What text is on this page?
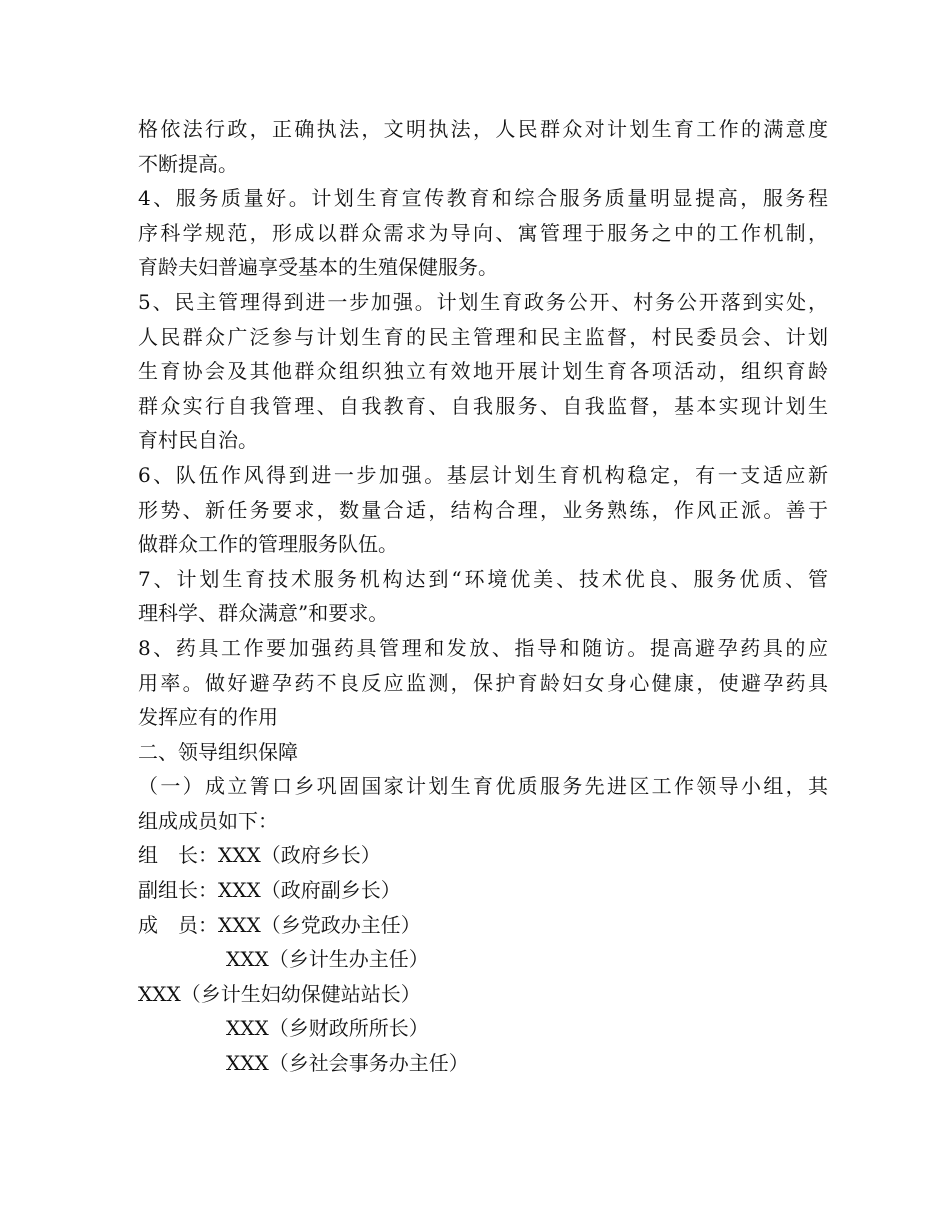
格依法行政，正确执法，文明执法，人民群众对计划生育工作的满意度
不断提高。
4、服务质量好。计划生育宣传教育和综合服务质量明显提高，服务程
序科学规范，形成以群众需求为导向、寓管理于服务之中的工作机制，
育龄夫妇普遍享受基本的生殖保健服务。
5、民主管理得到进一步加强。计划生育政务公开、村务公开落到实处，
人民群众广泛参与计划生育的民主管理和民主监督，村民委员会、计划
生育协会及其他群众组织独立有效地开展计划生育各项活动，组织育龄
群众实行自我管理、自我教育、自我服务、自我监督，基本实现计划生
育村民自治。
6、队伍作风得到进一步加强。基层计划生育机构稳定，有一支适应新
形势、新任务要求，数量合适，结构合理，业务熟练，作风正派。善于
做群众工作的管理服务队伍。
7、计划生育技术服务机构达到“环境优美、技术优良、服务优质、管
理科学、群众满意”和要求。
8、药具工作要加强药具管理和发放、指导和随访。提高避孕药具的应
用率。做好避孕药不良反应监测，保护育龄妇女身心健康，使避孕药具
发挥应有的作用
二、领导组织保障
（一）成立箐口乡巩固国家计划生育优质服务先进区工作领导小组，其
组成成员如下：
组　长：XXX（政府乡长）
副组长：XXX（政府副乡长）
成　员：XXX（乡党政办主任）
XXX（乡计生办主任）
XXX（乡计生妇幼保健站站长）
XXX（乡财政所所长）
XXX（乡社会事务办主任）
